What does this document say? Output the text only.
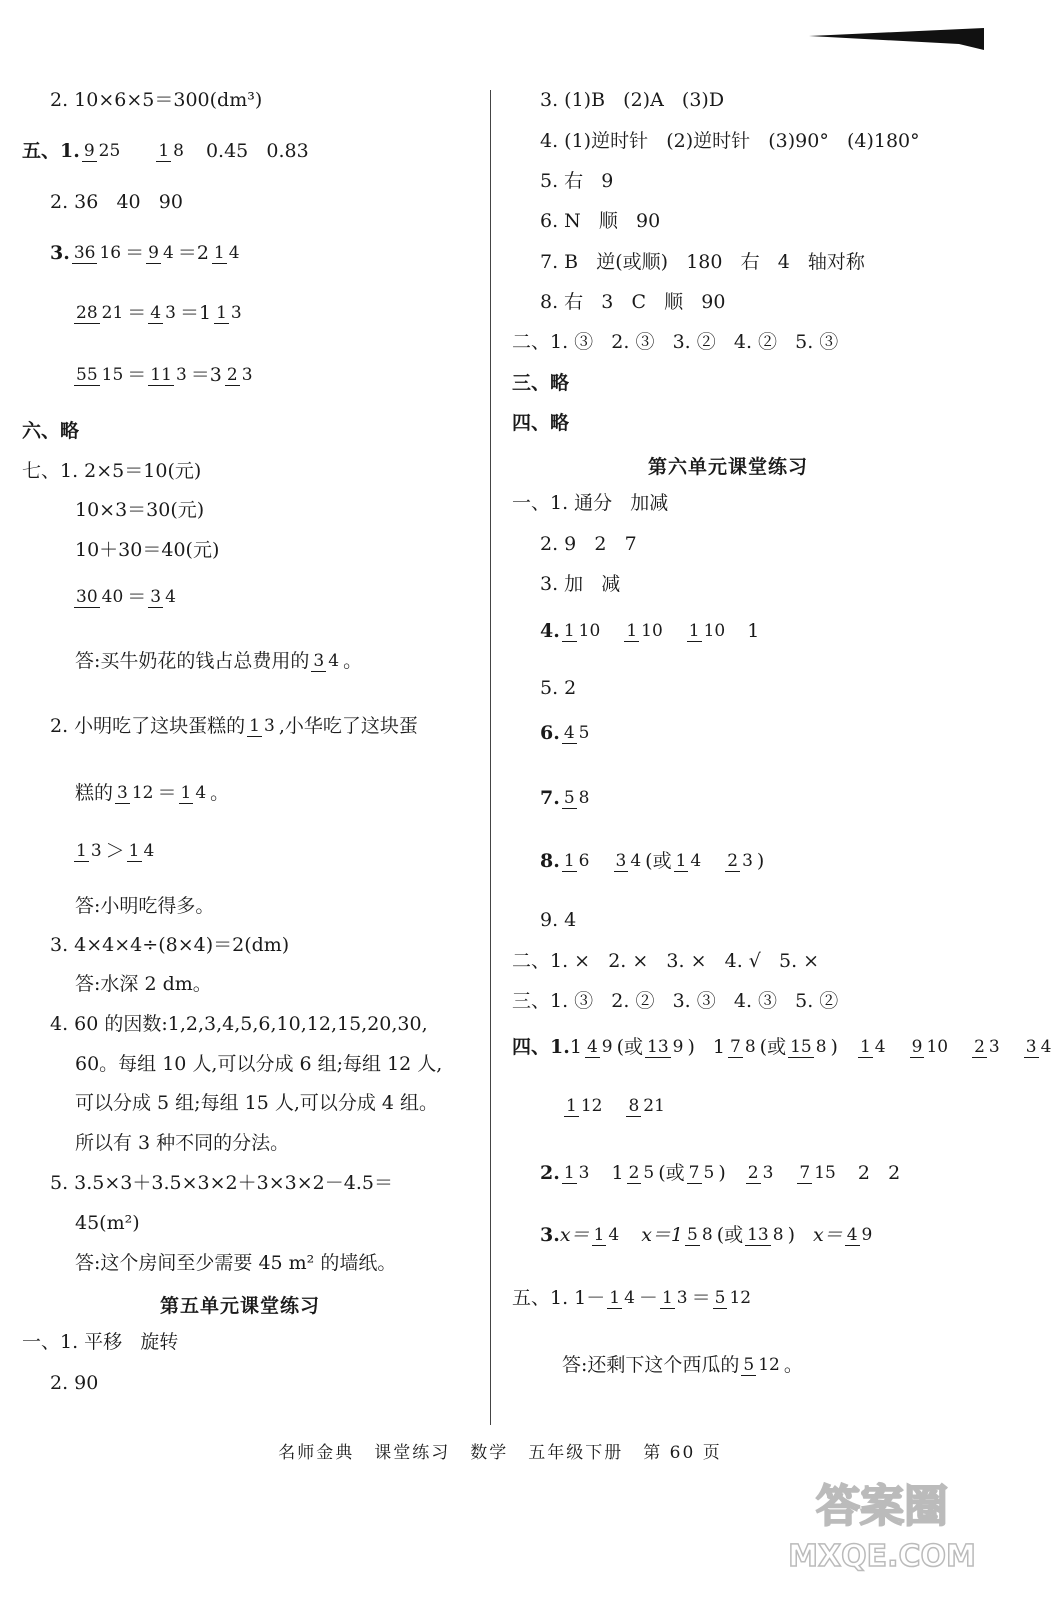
2. 10×6×5＝300(dm³)
五、1. 9 25 1 8 0.45   0.83
2. 36   40   90
3. 36 16 ＝ 9 4 ＝ 2 1 4
28 21 ＝ 4 3 ＝ 1 1 3
55 15 ＝ 11 3 ＝ 3 2 3
六、略
七、1. 2×5＝10(元)
10×3＝30(元)
10＋30＝40(元)
30 40 ＝ 3 4
答:买牛奶花的钱占总费用的 3 4 。
2. 小明吃了这块蛋糕的 1 3 ,小华吃了这块蛋
糕的 3 12 ＝ 1 4 。
1 3 ＞ 1 4
答:小明吃得多。
3. 4×4×4÷(8×4)＝2(dm)
答:水深 2 dm。
4. 60 的因数:1,2,3,4,5,6,10,12,15,20,30,
60。每组 10 人,可以分成 6 组;每组 12 人,
可以分成 5 组;每组 15 人,可以分成 4 组。
所以有 3 种不同的分法。
5. 3.5×3＋3.5×3×2＋3×3×2－4.5＝
45(m²)
答:这个房间至少需要 45 m² 的墙纸。
第五单元课堂练习
一、1. 平移   旋转
2. 90
3. (1)B   (2)A   (3)D
4. (1)逆时针   (2)逆时针   (3)90°   (4)180°
5. 右   9
6. N   顺   90
7. B   逆(或顺)   180   右   4   轴对称
8. 右   3   C   顺   90
二、1. ③   2. ③   3. ②   4. ②   5. ③
三、略
四、略
第六单元课堂练习
一、1. 通分   加减
2. 9   2   7
3. 加   减
4. 1 10 1 10 1 10 1
5. 2
6. 4 5
7. 5 8
8. 1 6 3 4 (或 1 4 2 3 )
9. 4
二、1. ×   2. ×   3. ×   4. √   5. ×
三、1. ③   2. ②   3. ③   4. ③   5. ②
四、1. 1 4 9 (或 13 9 ) 1 7 8 (或 15 8 ) 1 4 9 10 2 3 3 4
1 12 8 21
2. 1 3 1 2 5 (或 7 5 ) 2 3 7 15 2   2
3. x＝ 1 4 x＝1 5 8 (或 13 8 ) x＝ 4 9
五、1. 1－ 1 4 － 1 3 ＝ 5 12
答:还剩下这个西瓜的 5 12 。
名师金典 课堂练习 数学 五年级下册 第 60 页
答案圈
MXQE.COM
